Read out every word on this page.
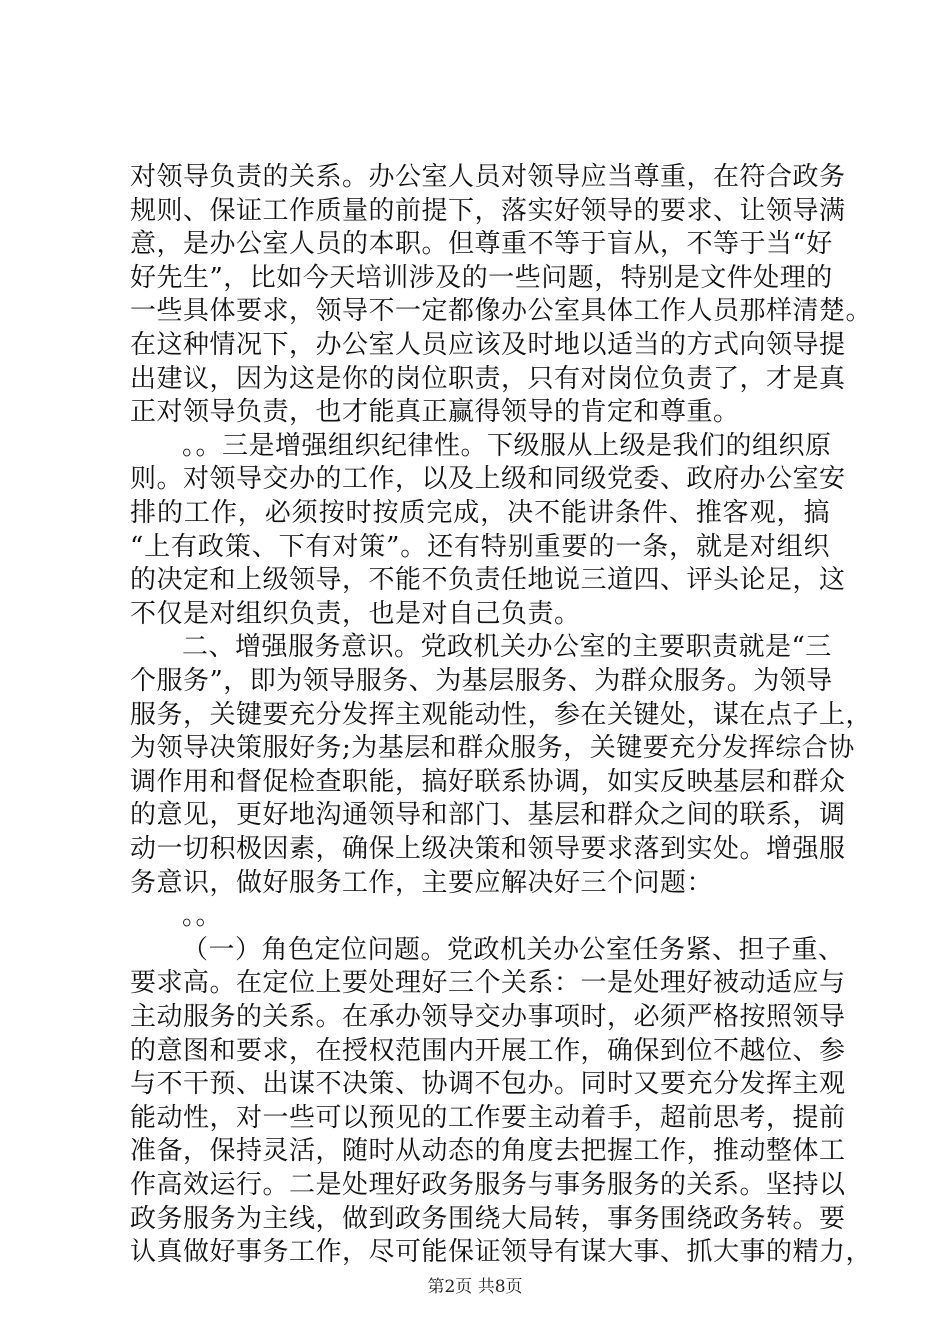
对领导负责的关系。办公室人员对领导应当尊重，在符合政务
规则、保证工作质量的前提下，落实好领导的要求、让领导满
意，是办公室人员的本职。但尊重不等于盲从，不等于当“好
好先生”，比如今天培训涉及的一些问题，特别是文件处理的
一些具体要求，领导不一定都像办公室具体工作人员那样清楚。
在这种情况下，办公室人员应该及时地以适当的方式向领导提
出建议，因为这是你的岗位职责，只有对岗位负责了，才是真
正对领导负责，也才能真正赢得领导的肯定和尊重。
。。三是增强组织纪律性。下级服从上级是我们的组织原
则。对领导交办的工作，以及上级和同级党委、政府办公室安
排的工作，必须按时按质完成，决不能讲条件、推客观，搞
“上有政策、下有对策”。还有特别重要的一条，就是对组织
的决定和上级领导，不能不负责任地说三道四、评头论足，这
不仅是对组织负责，也是对自己负责。
二、增强服务意识。党政机关办公室的主要职责就是“三
个服务”，即为领导服务、为基层服务、为群众服务。为领导
服务，关键要充分发挥主观能动性，参在关键处，谋在点子上，
为领导决策服好务;为基层和群众服务，关键要充分发挥综合协
调作用和督促检查职能，搞好联系协调，如实反映基层和群众
的意见，更好地沟通领导和部门、基层和群众之间的联系，调
动一切积极因素，确保上级决策和领导要求落到实处。增强服
务意识，做好服务工作，主要应解决好三个问题：
。。
（一）角色定位问题。党政机关办公室任务紧、担子重、
要求高。在定位上要处理好三个关系：一是处理好被动适应与
主动服务的关系。在承办领导交办事项时，必须严格按照领导
的意图和要求，在授权范围内开展工作，确保到位不越位、参
与不干预、出谋不决策、协调不包办。同时又要充分发挥主观
能动性，对一些可以预见的工作要主动着手，超前思考，提前
准备，保持灵活，随时从动态的角度去把握工作，推动整体工
作高效运行。二是处理好政务服务与事务服务的关系。坚持以
政务服务为主线，做到政务围绕大局转，事务围绕政务转。要
认真做好事务工作，尽可能保证领导有谋大事、抓大事的精力，
第2页 共8页
